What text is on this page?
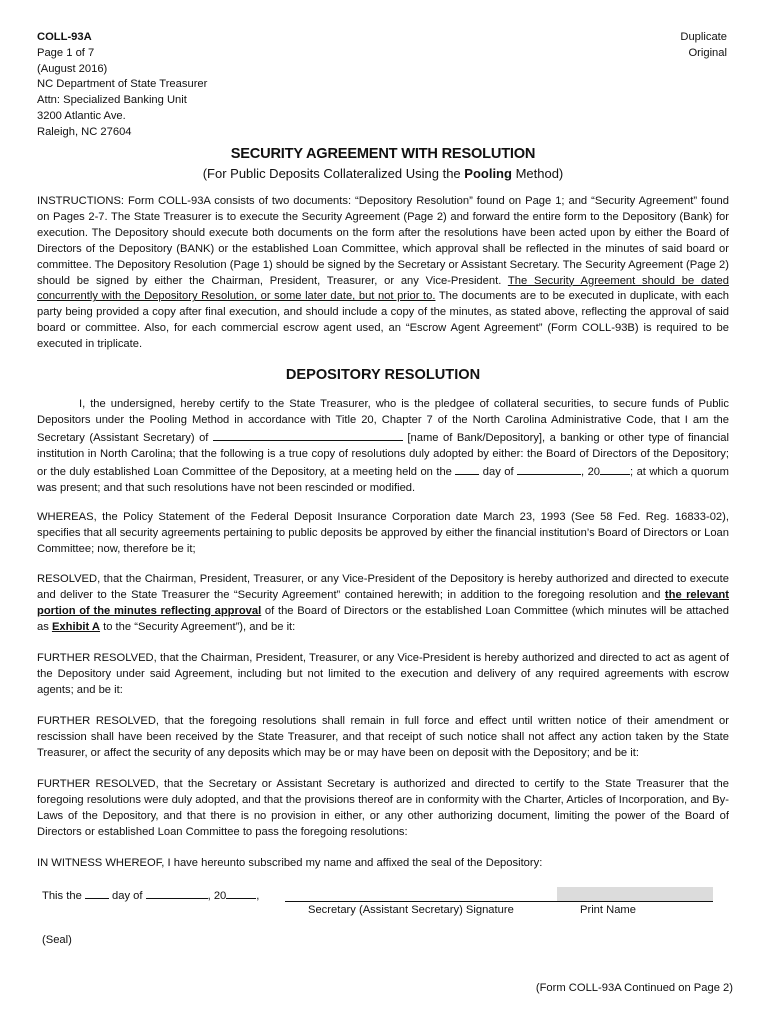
COLL-93A
Page 1 of 7
(August 2016)
NC Department of State Treasurer
Attn: Specialized Banking Unit
3200 Atlantic Ave.
Raleigh, NC 27604
Duplicate
Original
SECURITY AGREEMENT WITH RESOLUTION
(For Public Deposits Collateralized Using the Pooling Method)
INSTRUCTIONS: Form COLL-93A consists of two documents: “Depository Resolution” found on Page 1; and “Security Agreement” found on Pages 2-7. The State Treasurer is to execute the Security Agreement (Page 2) and forward the entire form to the Depository (Bank) for execution. The Depository should execute both documents on the form after the resolutions have been acted upon by either the Board of Directors of the Depository (BANK) or the established Loan Committee, which approval shall be reflected in the minutes of said board or committee. The Depository Resolution (Page 1) should be signed by the Secretary or Assistant Secretary. The Security Agreement (Page 2) should be signed by either the Chairman, President, Treasurer, or any Vice-President. The Security Agreement should be dated concurrently with the Depository Resolution, or some later date, but not prior to. The documents are to be executed in duplicate, with each party being provided a copy after final execution, and should include a copy of the minutes, as stated above, reflecting the approval of said board or committee. Also, for each commercial escrow agent used, an “Escrow Agent Agreement” (Form COLL-93B) is required to be executed in triplicate.
DEPOSITORY RESOLUTION
I, the undersigned, hereby certify to the State Treasurer, who is the pledgee of collateral securities, to secure funds of Public Depositors under the Pooling Method in accordance with Title 20, Chapter 7 of the North Carolina Administrative Code, that I am the Secretary (Assistant Secretary) of	[name of Bank/Depository], a banking or other type of financial institution in North Carolina; that the following is a true copy of resolutions duly adopted by either: the Board of Directors of the Depository; or the duly established Loan Committee of the Depository, at a meeting held on the  day of	, 20	; at which a quorum was present; and that such resolutions have not been rescinded or modified.
WHEREAS, the Policy Statement of the Federal Deposit Insurance Corporation date March 23, 1993 (See 58 Fed. Reg. 16833-02), specifies that all security agreements pertaining to public deposits be approved by either the financial institution’s Board of Directors or Loan Committee; now, therefore be it;
RESOLVED, that the Chairman, President, Treasurer, or any Vice-President of the Depository is hereby authorized and directed to execute and deliver to the State Treasurer the “Security Agreement” contained herewith; in addition to the foregoing resolution and the relevant portion of the minutes reflecting approval of the Board of Directors or the established Loan Committee (which minutes will be attached as Exhibit A to the “Security Agreement”), and be it:
FURTHER RESOLVED, that the Chairman, President, Treasurer, or any Vice-President is hereby authorized and directed to act as agent of the Depository under said Agreement, including but not limited to the execution and delivery of any required agreements with escrow agents; and be it:
FURTHER RESOLVED, that the foregoing resolutions shall remain in full force and effect until written notice of their amendment or rescission shall have been received by the State Treasurer, and that receipt of such notice shall not affect any action taken by the State Treasurer, or affect the security of any deposits which may be or may have been on deposit with the Depository; and be it:
FURTHER RESOLVED, that the Secretary or Assistant Secretary is authorized and directed to certify to the State Treasurer that the foregoing resolutions were duly adopted, and that the provisions thereof are in conformity with the Charter, Articles of Incorporation, and By-Laws of the Depository, and that there is no provision in either, or any other authorizing document, limiting the power of the Board of Directors or established Loan Committee to pass the foregoing resolutions:
IN WITNESS WHEREOF, I have hereunto subscribed my name and affixed the seal of the Depository:
This the  day of	, 20	,
Secretary (Assistant Secretary) Signature	Print Name
(Seal)
(Form COLL-93A Continued on Page 2)
